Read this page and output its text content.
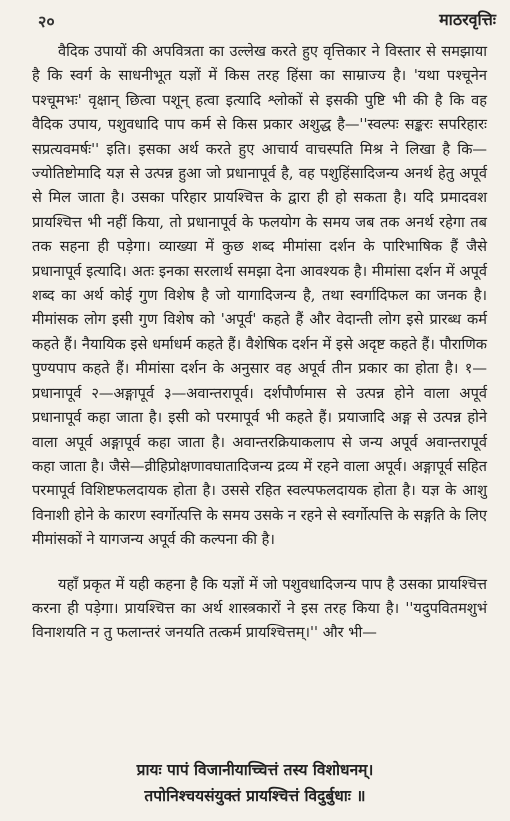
२०	माठरवृत्तिः

वैदिक उपायों की अपवित्रता का उल्लेख करते हुए वृत्तिकार ने विस्तार से समझाया है कि स्वर्ग के साधनीभूत यज्ञों में किस तरह हिंसा का साम्राज्य है। 'यथा पश्चूनेन पश्चूमभः' वृक्षान् छित्वा पशून् हत्वा इत्यादि श्लोकों से इसकी पुष्टि भी की है कि वह वैदिक उपाय, पशुवधादि पाप कर्म से किस प्रकार अशुद्ध है—''स्वल्पः सङ्करः सपरिहारः सप्रत्यवमर्षः'' इति। इसका अर्थ करते हुए आचार्य वाचस्पति मिश्र ने लिखा है कि—ज्योतिष्टोमादि यज्ञ से उत्पन्न हुआ जो प्रधानापूर्व है, वह पशुहिंसादिजन्य अनर्थ हेतु अपूर्व से मिल जाता है। उसका परिहार प्रायश्चित्त के द्वारा ही हो सकता है। यदि प्रमादवश प्रायश्चित्त भी नहीं किया, तो प्रधानापूर्व के फलयोग के समय जब तक अनर्थ रहेगा तब तक सहना ही पड़ेगा। व्याख्या में कुछ शब्द मीमांसा दर्शन के पारिभाषिक हैं जैसे प्रधानापूर्व इत्यादि। अतः इनका सरलार्थ समझा देना आवश्यक है। मीमांसा दर्शन में अपूर्व शब्द का अर्थ कोई गुण विशेष है जो यागादिजन्य है, तथा स्वर्गादिफल का जनक है। मीमांसक लोग इसी गुण विशेष को 'अपूर्व' कहते हैं और वेदान्ती लोग इसे प्रारब्ध कर्म कहते हैं। नैयायिक इसे धर्माधर्म कहते हैं। वैशेषिक दर्शन में इसे अदृष्ट कहते हैं। पौराणिक पुण्यपाप कहते हैं। मीमांसा दर्शन के अनुसार वह अपूर्व तीन प्रकार का होता है। १—प्रधानापूर्व २—अङ्गापूर्व ३—अवान्तरापूर्व। दर्शपौर्णमास से उत्पन्न होने वाला अपूर्व प्रधानापूर्व कहा जाता है। इसी को परमापूर्व भी कहते हैं। प्रयाजादि अङ्ग से उत्पन्न होने वाला अपूर्व अङ्गापूर्व कहा जाता है। अवान्तरक्रियाकलाप से जन्य अपूर्व अवान्तरापूर्व कहा जाता है। जैसे—व्रीहिप्रोक्षणावघातादिजन्य द्रव्य में रहने वाला अपूर्व। अङ्गापूर्व सहित परमापूर्व विशिष्टफलदायक होता है। उससे रहित स्वल्पफलदायक होता है। यज्ञ के आशु विनाशी होने के कारण स्वर्गोत्पत्ति के समय उसके न रहने से स्वर्गोत्पत्ति के सङ्गति के लिए मीमांसकों ने यागजन्य अपूर्व की कल्पना की है।

यहाँ प्रकृत में यही कहना है कि यज्ञों में जो पशुवधादिजन्य पाप है उसका प्रायश्चित्त करना ही पड़ेगा। प्रायश्चित्त का अर्थ शास्त्रकारों ने इस तरह किया है। ''यदुपवितमशुभं विनाशयति न तु फलान्तरं जनयति तत्कर्म प्रायश्चित्तम्।'' और भी—

प्रायः पापं विजानीयाच्चित्तं तस्य विशोधनम्।
तपोनिश्चयसंयुक्तं प्रायश्चित्तं विदुर्बुधाः ॥
